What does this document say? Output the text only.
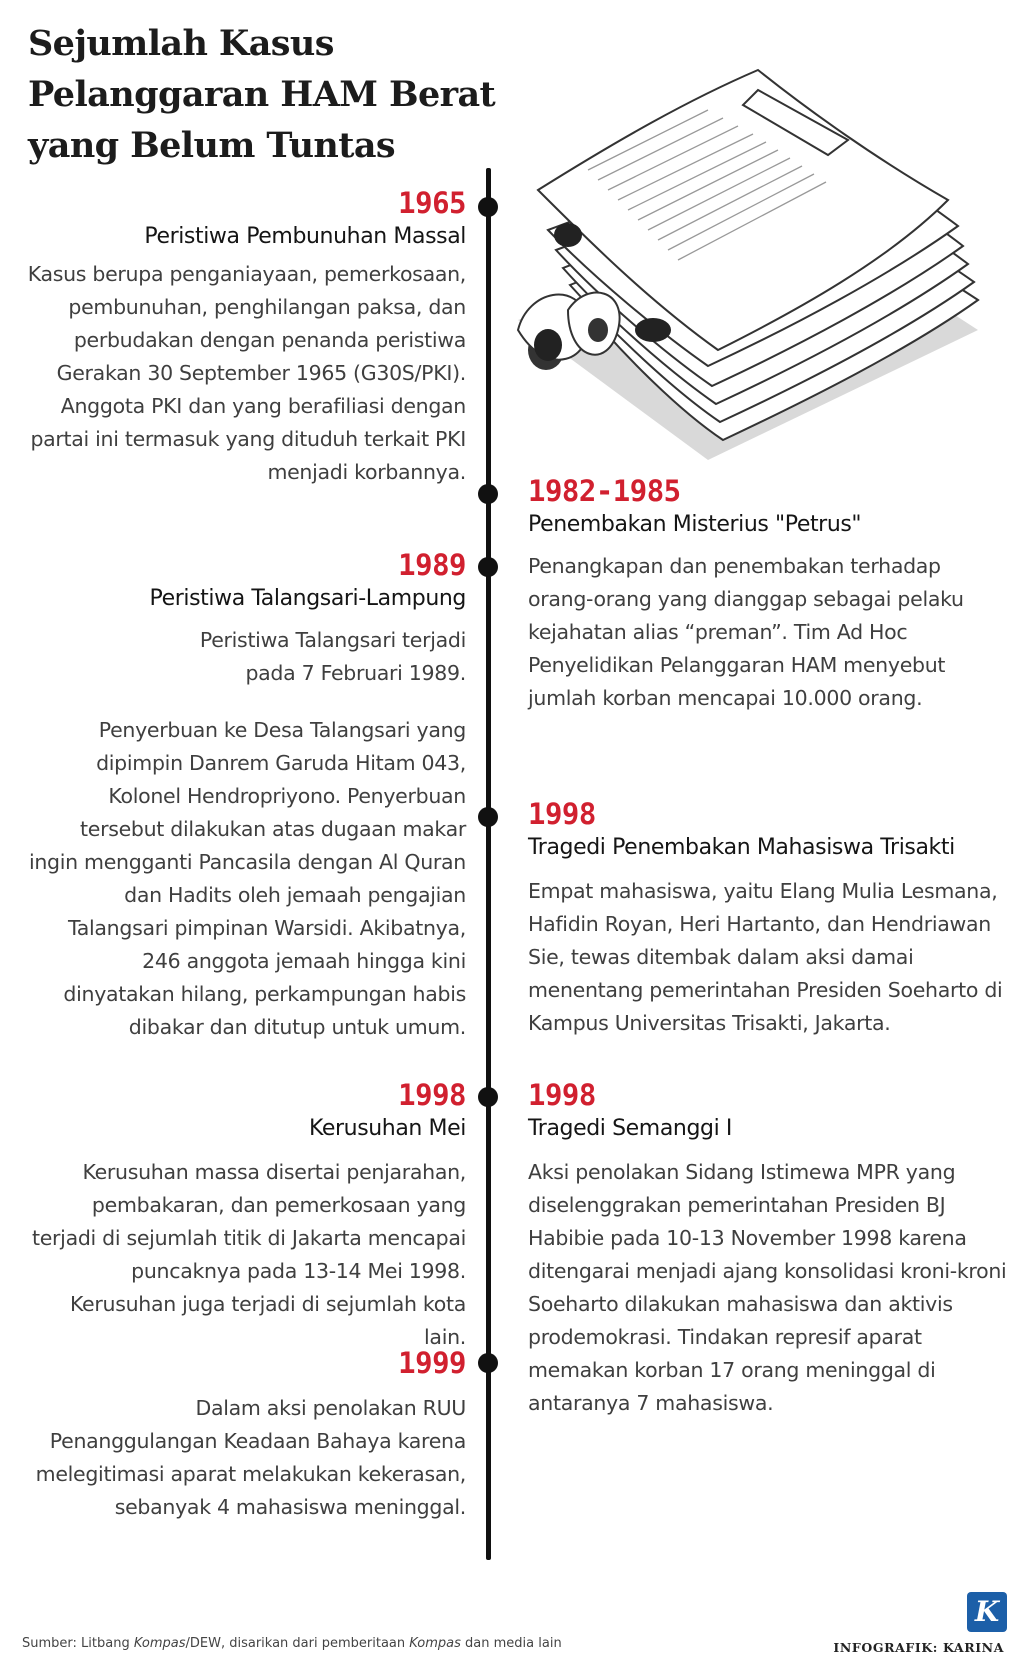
Sejumlah Kasus Pelanggaran HAM Berat yang Belum Tuntas
1965
Peristiwa Pembunuhan Massal
Kasus berupa penganiayaan, pemerkosaan, pembunuhan, penghilangan paksa, dan perbudakan dengan penanda peristiwa Gerakan 30 September 1965 (G30S/PKI). Anggota PKI dan yang berafiliasi dengan partai ini termasuk yang dituduh terkait PKI menjadi korbannya.
1982-1985
Penembakan Misterius "Petrus"
Penangkapan dan penembakan terhadap orang-orang yang dianggap sebagai pelaku kejahatan alias “preman”. Tim Ad Hoc Penyelidikan Pelanggaran HAM menyebut jumlah korban mencapai 10.000 orang.
1989
Peristiwa Talangsari-Lampung
Peristiwa Talangsari terjadi pada 7 Februari 1989.
Penyerbuan ke Desa Talangsari yang dipimpin Danrem Garuda Hitam 043, Kolonel Hendropriyono. Penyerbuan tersebut dilakukan atas dugaan makar ingin mengganti Pancasila dengan Al Quran dan Hadits oleh jemaah pengajian Talangsari pimpinan Warsidi. Akibatnya, 246 anggota jemaah hingga kini dinyatakan hilang, perkampungan habis dibakar dan ditutup untuk umum.
1998
Tragedi Penembakan Mahasiswa Trisakti
Empat mahasiswa, yaitu Elang Mulia Lesmana, Hafidin Royan, Heri Hartanto, dan Hendriawan Sie, tewas ditembak dalam aksi damai menentang pemerintahan Presiden Soeharto di Kampus Universitas Trisakti, Jakarta.
1998
Kerusuhan Mei
Kerusuhan massa disertai penjarahan, pembakaran, dan pemerkosaan yang terjadi di sejumlah titik di Jakarta mencapai puncaknya pada 13-14 Mei 1998. Kerusuhan juga terjadi di sejumlah kota lain.
1998
Tragedi Semanggi I
Aksi penolakan Sidang Istimewa MPR yang diselenggrakan pemerintahan Presiden BJ Habibie pada 10-13 November 1998 karena ditengarai menjadi ajang konsolidasi kroni-kroni Soeharto dilakukan mahasiswa dan aktivis prodemokrasi. Tindakan represif aparat memakan korban 17 orang meninggal di antaranya 7 mahasiswa.
1999
Dalam aksi penolakan RUU Penanggulangan Keadaan Bahaya karena melegitimasi aparat melakukan kekerasan, sebanyak 4 mahasiswa meninggal.
K
Sumber: Litbang Kompas/DEW, disarikan dari pemberitaan Kompas dan media lain	INFOGRAFIK: KARINA
